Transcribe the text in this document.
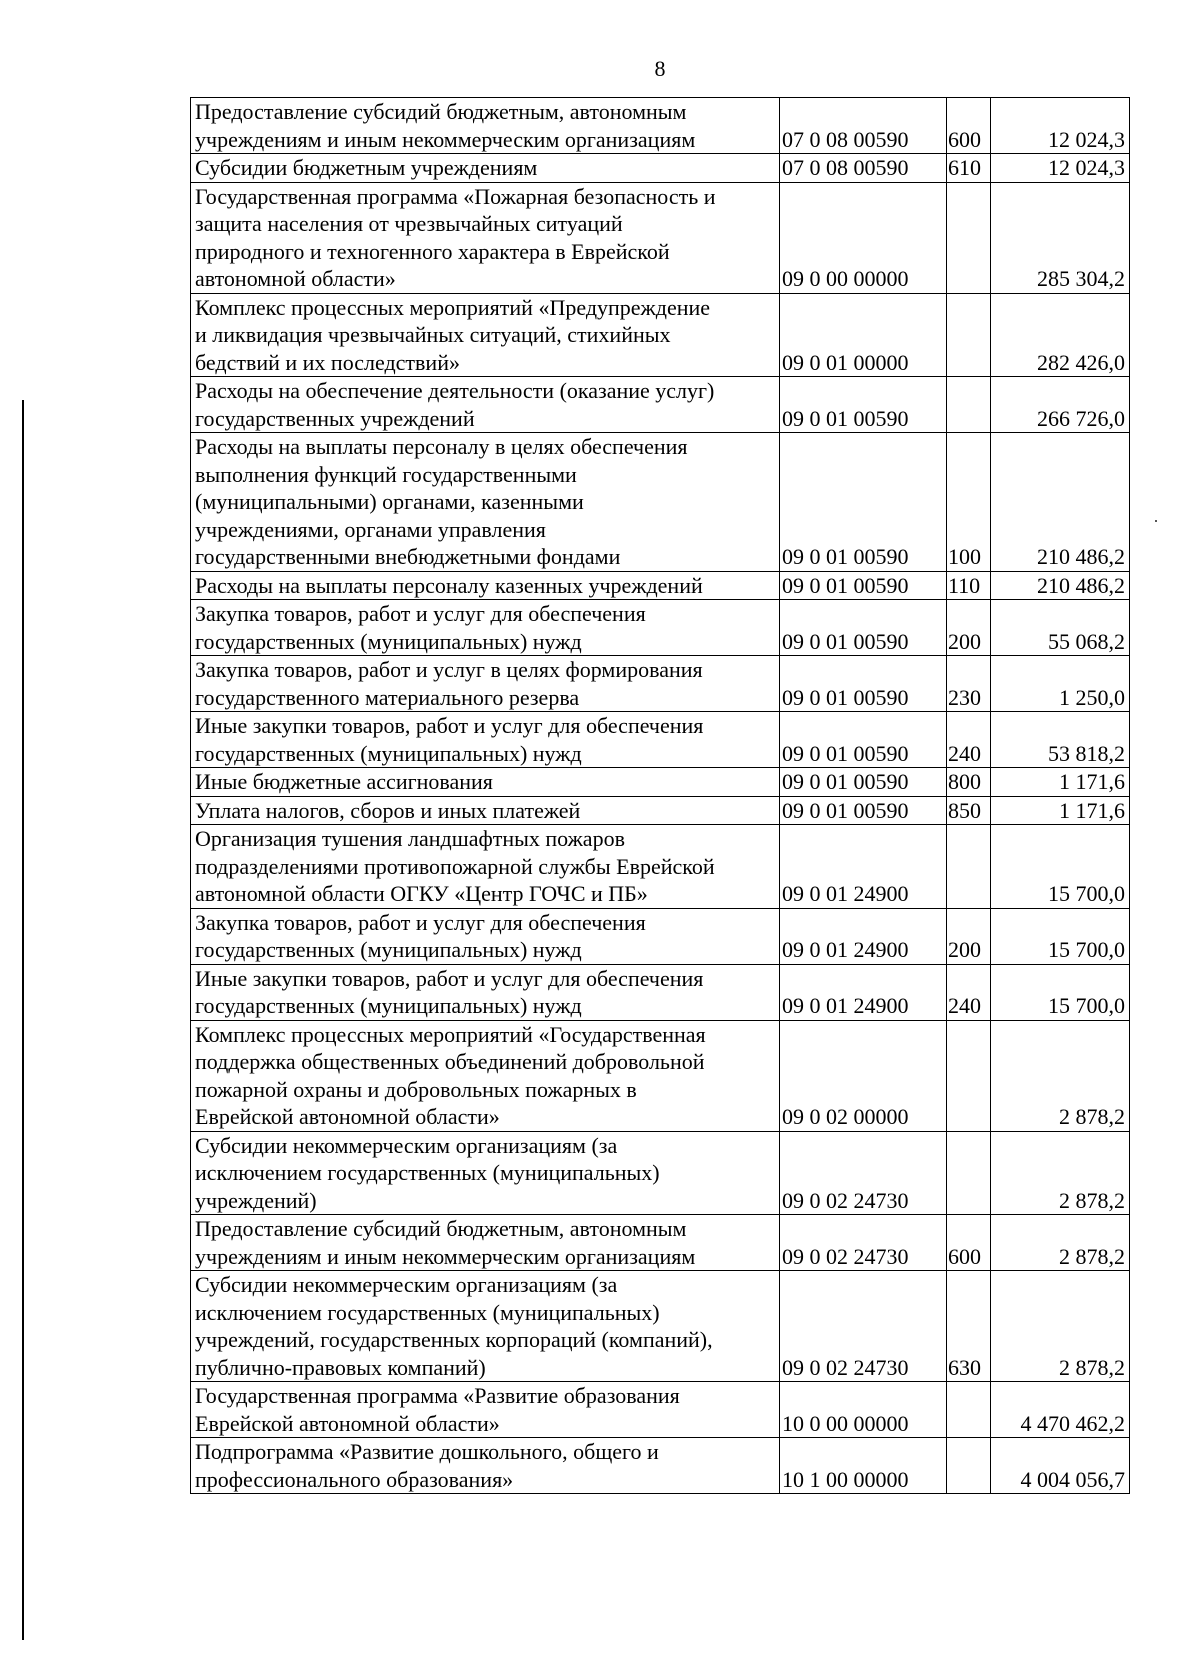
8
Предоставление субсидий бюджетным, автономным
учреждениям и иным некоммерческим организациям	07 0 08 00590	600	12 024,3
Субсидии бюджетным учреждениям	07 0 08 00590	610	12 024,3
Государственная программа «Пожарная безопасность и
защита населения от чрезвычайных ситуаций
природного и техногенного характера в Еврейской
автономной области»	09 0 00 00000		285 304,2
Комплекс процессных мероприятий «Предупреждение
и ликвидация чрезвычайных ситуаций, стихийных
бедствий и их последствий»	09 0 01 00000		282 426,0
Расходы на обеспечение деятельности (оказание услуг)
государственных учреждений	09 0 01 00590		266 726,0
Расходы на выплаты персоналу в целях обеспечения
выполнения функций государственными
(муниципальными) органами, казенными
учреждениями, органами управления
государственными внебюджетными фондами	09 0 01 00590	100	210 486,2
Расходы на выплаты персоналу казенных учреждений	09 0 01 00590	110	210 486,2
Закупка товаров, работ и услуг для обеспечения
государственных (муниципальных) нужд	09 0 01 00590	200	55 068,2
Закупка товаров, работ и услуг в целях формирования
государственного материального резерва	09 0 01 00590	230	1 250,0
Иные закупки товаров, работ и услуг для обеспечения
государственных (муниципальных) нужд	09 0 01 00590	240	53 818,2
Иные бюджетные ассигнования	09 0 01 00590	800	1 171,6
Уплата налогов, сборов и иных платежей	09 0 01 00590	850	1 171,6
Организация тушения ландшафтных пожаров
подразделениями противопожарной службы Еврейской
автономной области ОГКУ «Центр ГОЧС и ПБ»	09 0 01 24900		15 700,0
Закупка товаров, работ и услуг для обеспечения
государственных (муниципальных) нужд	09 0 01 24900	200	15 700,0
Иные закупки товаров, работ и услуг для обеспечения
государственных (муниципальных) нужд	09 0 01 24900	240	15 700,0
Комплекс процессных мероприятий «Государственная
поддержка общественных объединений добровольной
пожарной охраны и добровольных пожарных в
Еврейской автономной области»	09 0 02 00000		2 878,2
Субсидии некоммерческим организациям (за
исключением государственных (муниципальных)
учреждений)	09 0 02 24730		2 878,2
Предоставление субсидий бюджетным, автономным
учреждениям и иным некоммерческим организациям	09 0 02 24730	600	2 878,2
Субсидии некоммерческим организациям (за
исключением государственных (муниципальных)
учреждений, государственных корпораций (компаний),
публично-правовых компаний)	09 0 02 24730	630	2 878,2
Государственная программа «Развитие образования
Еврейской автономной области»	10 0 00 00000		4 470 462,2
Подпрограмма «Развитие дошкольного, общего и
профессионального образования»	10 1 00 00000		4 004 056,7
